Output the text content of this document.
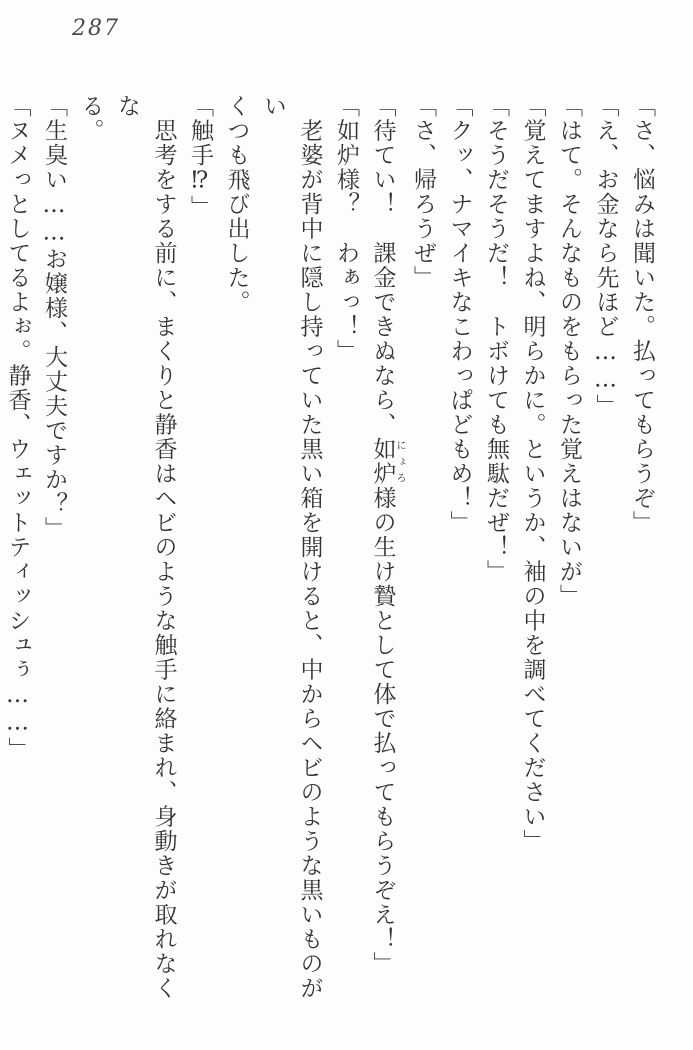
287

「さ、悩みは聞いた。払ってもらうぞ」

「え、お金なら先ほど……」

「はて。そんなものをもらった覚えはないが」

「覚えてますよね、明らかに。というか、袖の中を調べてください」

「そうだそうだ！　トボけても無駄だぜ！」

「クッ、ナマイキなこわっぱどもめ！」

「さ、帰ろうぜ」

「待てい！　課金できぬなら、如炉にょろ様の生け贄として体で払ってもらうぞえ！」

「如炉様？　わぁっ！」

　老婆が背中に隠し持っていた黒い箱を開けると、中からヘビのような黒いものがい

くつも飛び出した。

「触手⁉」

　思考をする前に、まくりと静香はヘビのような触手に絡まれ、身動きが取れなくな

る。

「生臭い……お嬢様、大丈夫ですか？」

「ヌメっとしてるよぉ。静香、ウェットティッシュぅ……」
